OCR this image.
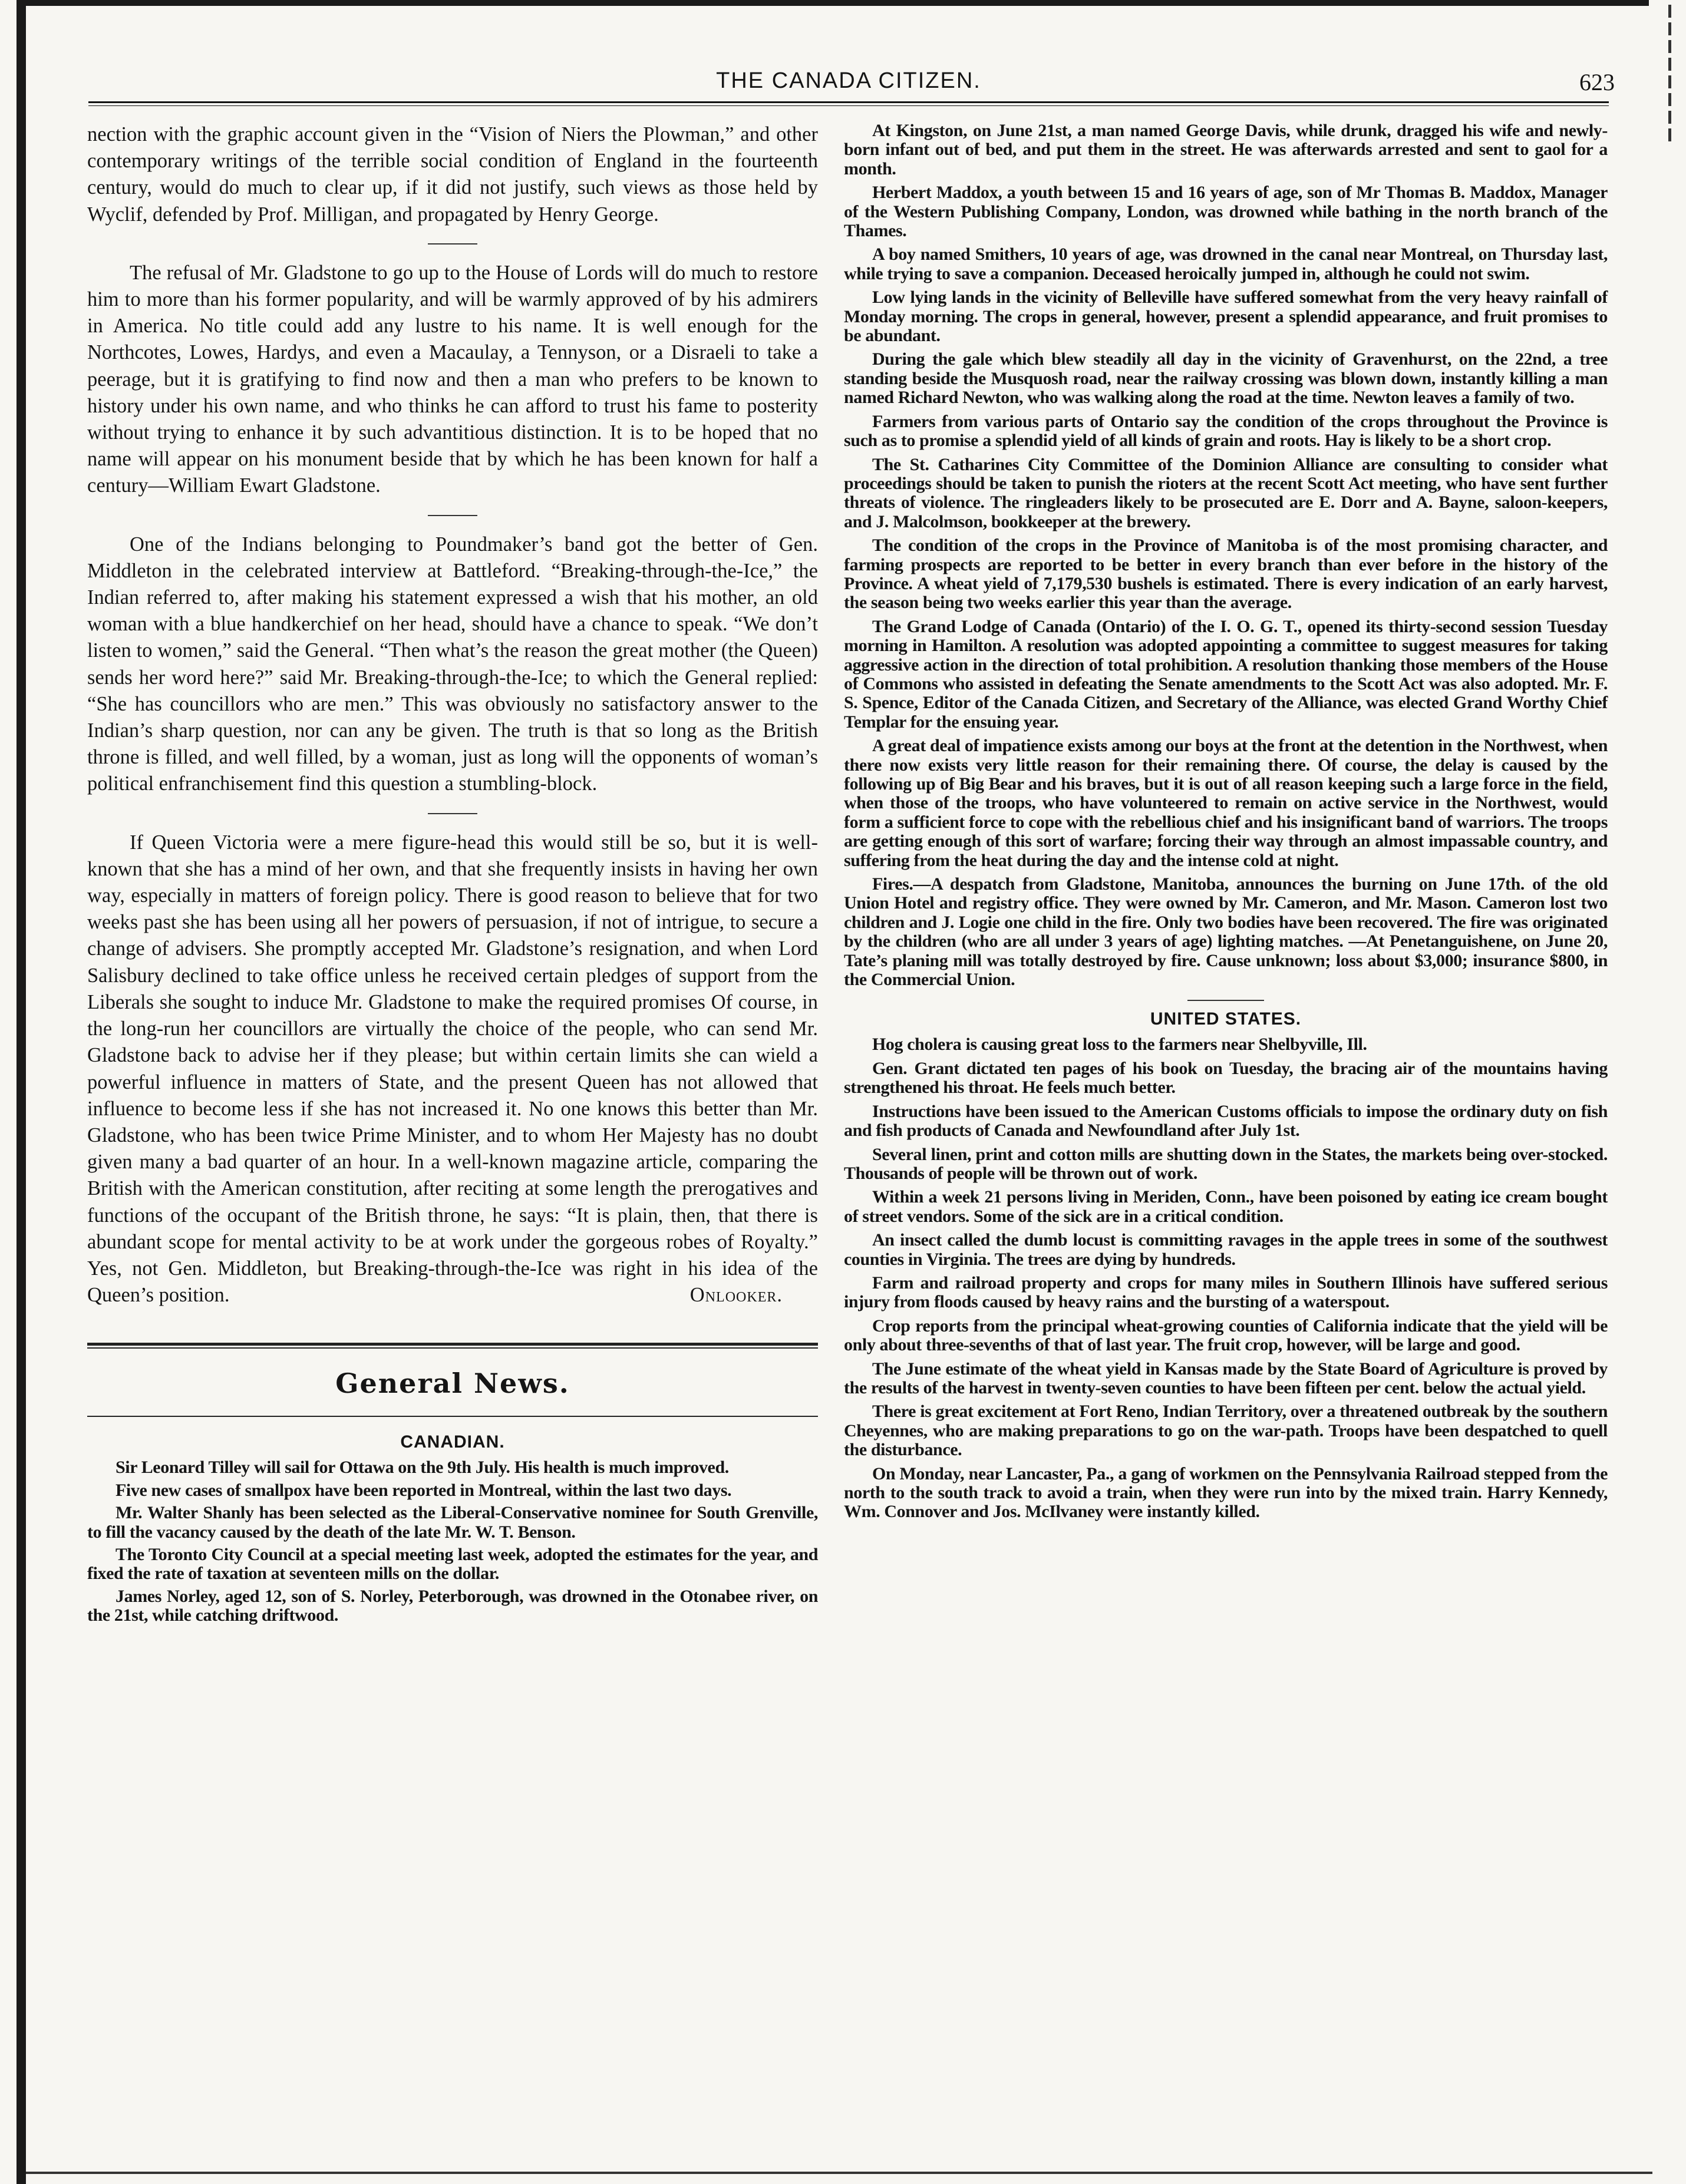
THE CANADA CITIZEN.	623

nection with the graphic account given in the “Vision of Niers the Plowman,” and other contemporary writings of the terrible social condition of England in the fourteenth century, would do much to clear up, if it did not justify, such views as those held by Wyclif, defended by Prof. Milligan, and propagated by Henry George.

The refusal of Mr. Gladstone to go up to the House of Lords will do much to restore him to more than his former popularity, and will be warmly approved of by his admirers in America. No title could add any lustre to his name. It is well enough for the Northcotes, Lowes, Hardys, and even a Macaulay, a Tennyson, or a Disraeli to take a peerage, but it is gratifying to find now and then a man who prefers to be known to history under his own name, and who thinks he can afford to trust his fame to posterity without trying to enhance it by such advantitious distinction. It is to be hoped that no name will appear on his monument beside that by which he has been known for half a century—William Ewart Gladstone.

One of the Indians belonging to Poundmaker’s band got the better of Gen. Middleton in the celebrated interview at Battleford. “Breaking-through-the-Ice,” the Indian referred to, after making his statement expressed a wish that his mother, an old woman with a blue handkerchief on her head, should have a chance to speak. “We don’t listen to women,” said the General. “Then what’s the reason the great mother (the Queen) sends her word here?” said Mr. Breaking-through-the-Ice; to which the General replied: “She has councillors who are men.” This was obviously no satisfactory answer to the Indian’s sharp question, nor can any be given. The truth is that so long as the British throne is filled, and well filled, by a woman, just as long will the opponents of woman’s political enfranchisement find this question a stumbling-block.

If Queen Victoria were a mere figure-head this would still be so, but it is well-known that she has a mind of her own, and that she frequently insists in having her own way, especially in matters of foreign policy. There is good reason to believe that for two weeks past she has been using all her powers of persuasion, if not of intrigue, to secure a change of advisers. She promptly accepted Mr. Gladstone’s resignation, and when Lord Salisbury declined to take office unless he received certain pledges of support from the Liberals she sought to induce Mr. Gladstone to make the required promises Of course, in the long-run her councillors are virtually the choice of the people, who can send Mr. Gladstone back to advise her if they please; but within certain limits she can wield a powerful influence in matters of State, and the present Queen has not allowed that influence to become less if she has not increased it. No one knows this better than Mr. Gladstone, who has been twice Prime Minister, and to whom Her Majesty has no doubt given many a bad quarter of an hour. In a well-known magazine article, comparing the British with the American constitution, after reciting at some length the prerogatives and functions of the occupant of the British throne, he says: “It is plain, then, that there is abundant scope for mental activity to be at work under the gorgeous robes of Royalty.” Yes, not Gen. Middleton, but Breaking-through-the-Ice was right in his idea of the Queen’s position.	Onlooker.

General News.
CANADIAN.

Sir Leonard Tilley will sail for Ottawa on the 9th July. His health is much improved.

Five new cases of smallpox have been reported in Montreal, within the last two days.

Mr. Walter Shanly has been selected as the Liberal-Conservative nominee for South Grenville, to fill the vacancy caused by the death of the late Mr. W. T. Benson.

The Toronto City Council at a special meeting last week, adopted the estimates for the year, and fixed the rate of taxation at seventeen mills on the dollar.

James Norley, aged 12, son of S. Norley, Peterborough, was drowned in the Otonabee river, on the 21st, while catching driftwood.

At Kingston, on June 21st, a man named George Davis, while drunk, dragged his wife and newly-born infant out of bed, and put them in the street. He was afterwards arrested and sent to gaol for a month.

Herbert Maddox, a youth between 15 and 16 years of age, son of Mr Thomas B. Maddox, Manager of the Western Publishing Company, London, was drowned while bathing in the north branch of the Thames.

A boy named Smithers, 10 years of age, was drowned in the canal near Montreal, on Thursday last, while trying to save a companion. Deceased heroically jumped in, although he could not swim.

Low lying lands in the vicinity of Belleville have suffered somewhat from the very heavy rainfall of Monday morning. The crops in general, however, present a splendid appearance, and fruit promises to be abundant.

During the gale which blew steadily all day in the vicinity of Gravenhurst, on the 22nd, a tree standing beside the Musquosh road, near the railway crossing was blown down, instantly killing a man named Richard Newton, who was walking along the road at the time. Newton leaves a family of two.

Farmers from various parts of Ontario say the condition of the crops throughout the Province is such as to promise a splendid yield of all kinds of grain and roots. Hay is likely to be a short crop.

The St. Catharines City Committee of the Dominion Alliance are consulting to consider what proceedings should be taken to punish the rioters at the recent Scott Act meeting, who have sent further threats of violence. The ringleaders likely to be prosecuted are E. Dorr and A. Bayne, saloon-keepers, and J. Malcolmson, bookkeeper at the brewery.

The condition of the crops in the Province of Manitoba is of the most promising character, and farming prospects are reported to be better in every branch than ever before in the history of the Province. A wheat yield of 7,179,530 bushels is estimated. There is every indication of an early harvest, the season being two weeks earlier this year than the average.

The Grand Lodge of Canada (Ontario) of the I. O. G. T., opened its thirty-second session Tuesday morning in Hamilton. A resolution was adopted appointing a committee to suggest measures for taking aggressive action in the direction of total prohibition. A resolution thanking those members of the House of Commons who assisted in defeating the Senate amendments to the Scott Act was also adopted. Mr. F. S. Spence, Editor of the Canada Citizen, and Secretary of the Alliance, was elected Grand Worthy Chief Templar for the ensuing year.

A great deal of impatience exists among our boys at the front at the detention in the Northwest, when there now exists very little reason for their remaining there. Of course, the delay is caused by the following up of Big Bear and his braves, but it is out of all reason keeping such a large force in the field, when those of the troops, who have volunteered to remain on active service in the Northwest, would form a sufficient force to cope with the rebellious chief and his insignificant band of warriors. The troops are getting enough of this sort of warfare; forcing their way through an almost impassable country, and suffering from the heat during the day and the intense cold at night.

Fires.—A despatch from Gladstone, Manitoba, announces the burning on June 17th. of the old Union Hotel and registry office. They were owned by Mr. Cameron, and Mr. Mason. Cameron lost two children and J. Logie one child in the fire. Only two bodies have been recovered. The fire was originated by the children (who are all under 3 years of age) lighting matches. —At Penetanguishene, on June 20, Tate’s planing mill was totally destroyed by fire. Cause unknown; loss about $3,000; insurance $800, in the Commercial Union.

UNITED STATES.

Hog cholera is causing great loss to the farmers near Shelbyville, Ill.

Gen. Grant dictated ten pages of his book on Tuesday, the bracing air of the mountains having strengthened his throat. He feels much better.

Instructions have been issued to the American Customs officials to impose the ordinary duty on fish and fish products of Canada and Newfoundland after July 1st.

Several linen, print and cotton mills are shutting down in the States, the markets being over-stocked. Thousands of people will be thrown out of work.

Within a week 21 persons living in Meriden, Conn., have been poisoned by eating ice cream bought of street vendors. Some of the sick are in a critical condition.

An insect called the dumb locust is committing ravages in the apple trees in some of the southwest counties in Virginia. The trees are dying by hundreds.

Farm and railroad property and crops for many miles in Southern Illinois have suffered serious injury from floods caused by heavy rains and the bursting of a waterspout.

Crop reports from the principal wheat-growing counties of California indicate that the yield will be only about three-sevenths of that of last year. The fruit crop, however, will be large and good.

The June estimate of the wheat yield in Kansas made by the State Board of Agriculture is proved by the results of the harvest in twenty-seven counties to have been fifteen per cent. below the actual yield.

There is great excitement at Fort Reno, Indian Territory, over a threatened outbreak by the southern Cheyennes, who are making preparations to go on the war-path. Troops have been despatched to quell the disturbance.

On Monday, near Lancaster, Pa., a gang of workmen on the Pennsylvania Railroad stepped from the north to the south track to avoid a train, when they were run into by the mixed train. Harry Kennedy, Wm. Connover and Jos. McIlvaney were instantly killed.
